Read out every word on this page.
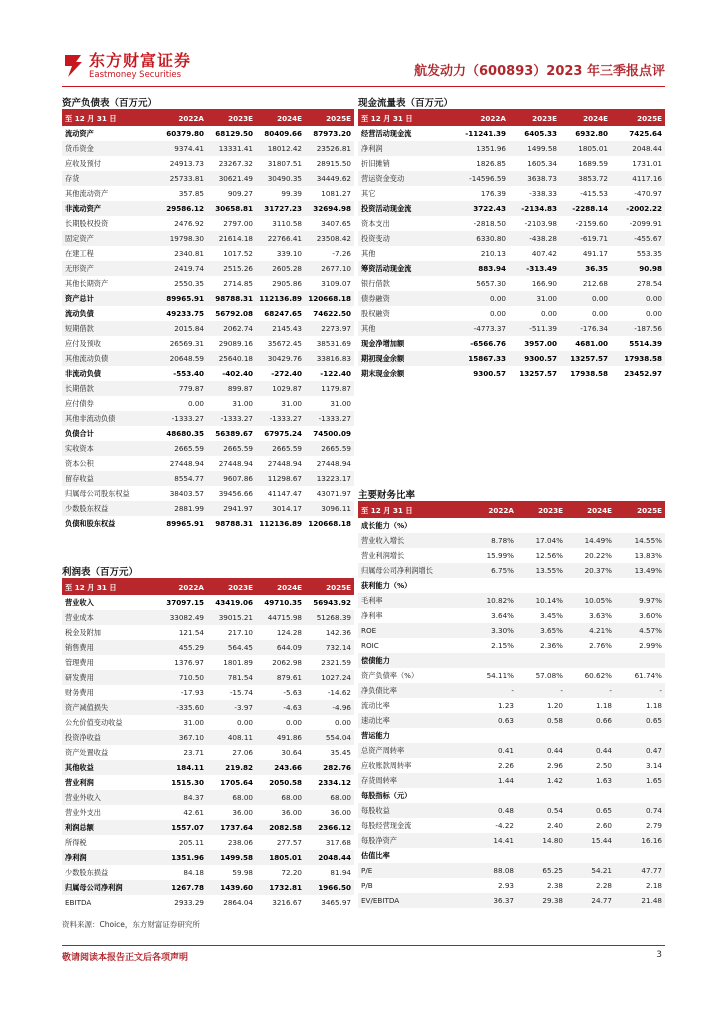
东方财富证券
Eastmoney Securities	航发动力（600893）2023 年三季报点评
资产负债表（百万元）
至 12 月 31 日	2022A	2023E	2024E	2025E
流动资产	60379.80	68129.50	80409.66	87973.20
货币资金	9374.41	13331.41	18012.42	23526.81
应收及预付	24913.73	23267.32	31807.51	28915.50
存货	25733.81	30621.49	30490.35	34449.62
其他流动资产	357.85	909.27	99.39	1081.27
非流动资产	29586.12	30658.81	31727.23	32694.98
长期股权投资	2476.92	2797.00	3110.58	3407.65
固定资产	19798.30	21614.18	22766.41	23508.42
在建工程	2340.81	1017.52	339.10	-7.26
无形资产	2419.74	2515.26	2605.28	2677.10
其他长期资产	2550.35	2714.85	2905.86	3109.07
资产总计	89965.91	98788.31	112136.89	120668.18
流动负债	49233.75	56792.08	68247.65	74622.50
短期借款	2015.84	2062.74	2145.43	2273.97
应付及预收	26569.31	29089.16	35672.45	38531.69
其他流动负债	20648.59	25640.18	30429.76	33816.83
非流动负债	-553.40	-402.40	-272.40	-122.40
长期借款	779.87	899.87	1029.87	1179.87
应付债券	0.00	31.00	31.00	31.00
其他非流动负债	-1333.27	-1333.27	-1333.27	-1333.27
负债合计	48680.35	56389.67	67975.24	74500.09
实收资本	2665.59	2665.59	2665.59	2665.59
资本公积	27448.94	27448.94	27448.94	27448.94
留存收益	8554.77	9607.86	11298.67	13223.17
归属母公司股东权益	38403.57	39456.66	41147.47	43071.97
少数股东权益	2881.99	2941.97	3014.17	3096.11
负债和股东权益	89965.91	98788.31	112136.89	120668.18
现金流量表（百万元）
至 12 月 31 日	2022A	2023E	2024E	2025E
经营活动现金流	-11241.39	6405.33	6932.80	7425.64
净利润	1351.96	1499.58	1805.01	2048.44
折旧摊销	1826.85	1605.34	1689.59	1731.01
营运资金变动	-14596.59	3638.73	3853.72	4117.16
其它	176.39	-338.33	-415.53	-470.97
投资活动现金流	3722.43	-2134.83	-2288.14	-2002.22
资本支出	-2818.50	-2103.98	-2159.60	-2099.91
投资变动	6330.80	-438.28	-619.71	-455.67
其他	210.13	407.42	491.17	553.35
筹资活动现金流	883.94	-313.49	36.35	90.98
银行借款	5657.30	166.90	212.68	278.54
债券融资	0.00	31.00	0.00	0.00
股权融资	0.00	0.00	0.00	0.00
其他	-4773.37	-511.39	-176.34	-187.56
现金净增加额	-6566.76	3957.00	4681.00	5514.39
期初现金余额	15867.33	9300.57	13257.57	17938.58
期末现金余额	9300.57	13257.57	17938.58	23452.97
利润表（百万元）
至 12 月 31 日	2022A	2023E	2024E	2025E
营业收入	37097.15	43419.06	49710.35	56943.92
营业成本	33082.49	39015.21	44715.98	51268.39
税金及附加	121.54	217.10	124.28	142.36
销售费用	455.29	564.45	644.09	732.14
管理费用	1376.97	1801.89	2062.98	2321.59
研发费用	710.50	781.54	879.61	1027.24
财务费用	-17.93	-15.74	-5.63	-14.62
资产减值损失	-335.60	-3.97	-4.63	-4.96
公允价值变动收益	31.00	0.00	0.00	0.00
投资净收益	367.10	408.11	491.86	554.04
资产处置收益	23.71	27.06	30.64	35.45
其他收益	184.11	219.82	243.66	282.76
营业利润	1515.30	1705.64	2050.58	2334.12
营业外收入	84.37	68.00	68.00	68.00
营业外支出	42.61	36.00	36.00	36.00
利润总额	1557.07	1737.64	2082.58	2366.12
所得税	205.11	238.06	277.57	317.68
净利润	1351.96	1499.58	1805.01	2048.44
少数股东损益	84.18	59.98	72.20	81.94
归属母公司净利润	1267.78	1439.60	1732.81	1966.50
EBITDA	2933.29	2864.04	3216.67	3465.97
主要财务比率
至 12 月 31 日	2022A	2023E	2024E	2025E
成长能力（%）				
营业收入增长	8.78%	17.04%	14.49%	14.55%
营业利润增长	15.99%	12.56%	20.22%	13.83%
归属母公司净利润增长	6.75%	13.55%	20.37%	13.49%
获利能力（%）				
毛利率	10.82%	10.14%	10.05%	9.97%
净利率	3.64%	3.45%	3.63%	3.60%
ROE	3.30%	3.65%	4.21%	4.57%
ROIC	2.15%	2.36%	2.76%	2.99%
偿债能力				
资产负债率（%）	54.11%	57.08%	60.62%	61.74%
净负债比率	-	-	-	-
流动比率	1.23	1.20	1.18	1.18
速动比率	0.63	0.58	0.66	0.65
营运能力				
总资产周转率	0.41	0.44	0.44	0.47
应收账款周转率	2.26	2.96	2.50	3.14
存货周转率	1.44	1.42	1.63	1.65
每股指标（元）				
每股收益	0.48	0.54	0.65	0.74
每股经营现金流	-4.22	2.40	2.60	2.79
每股净资产	14.41	14.80	15.44	16.16
估值比率				
P/E	88.08	65.25	54.21	47.77
P/B	2.93	2.38	2.28	2.18
EV/EBITDA	36.37	29.38	24.77	21.48
资料来源：Choice，东方财富证券研究所
敬请阅读本报告正文后各项声明	3
